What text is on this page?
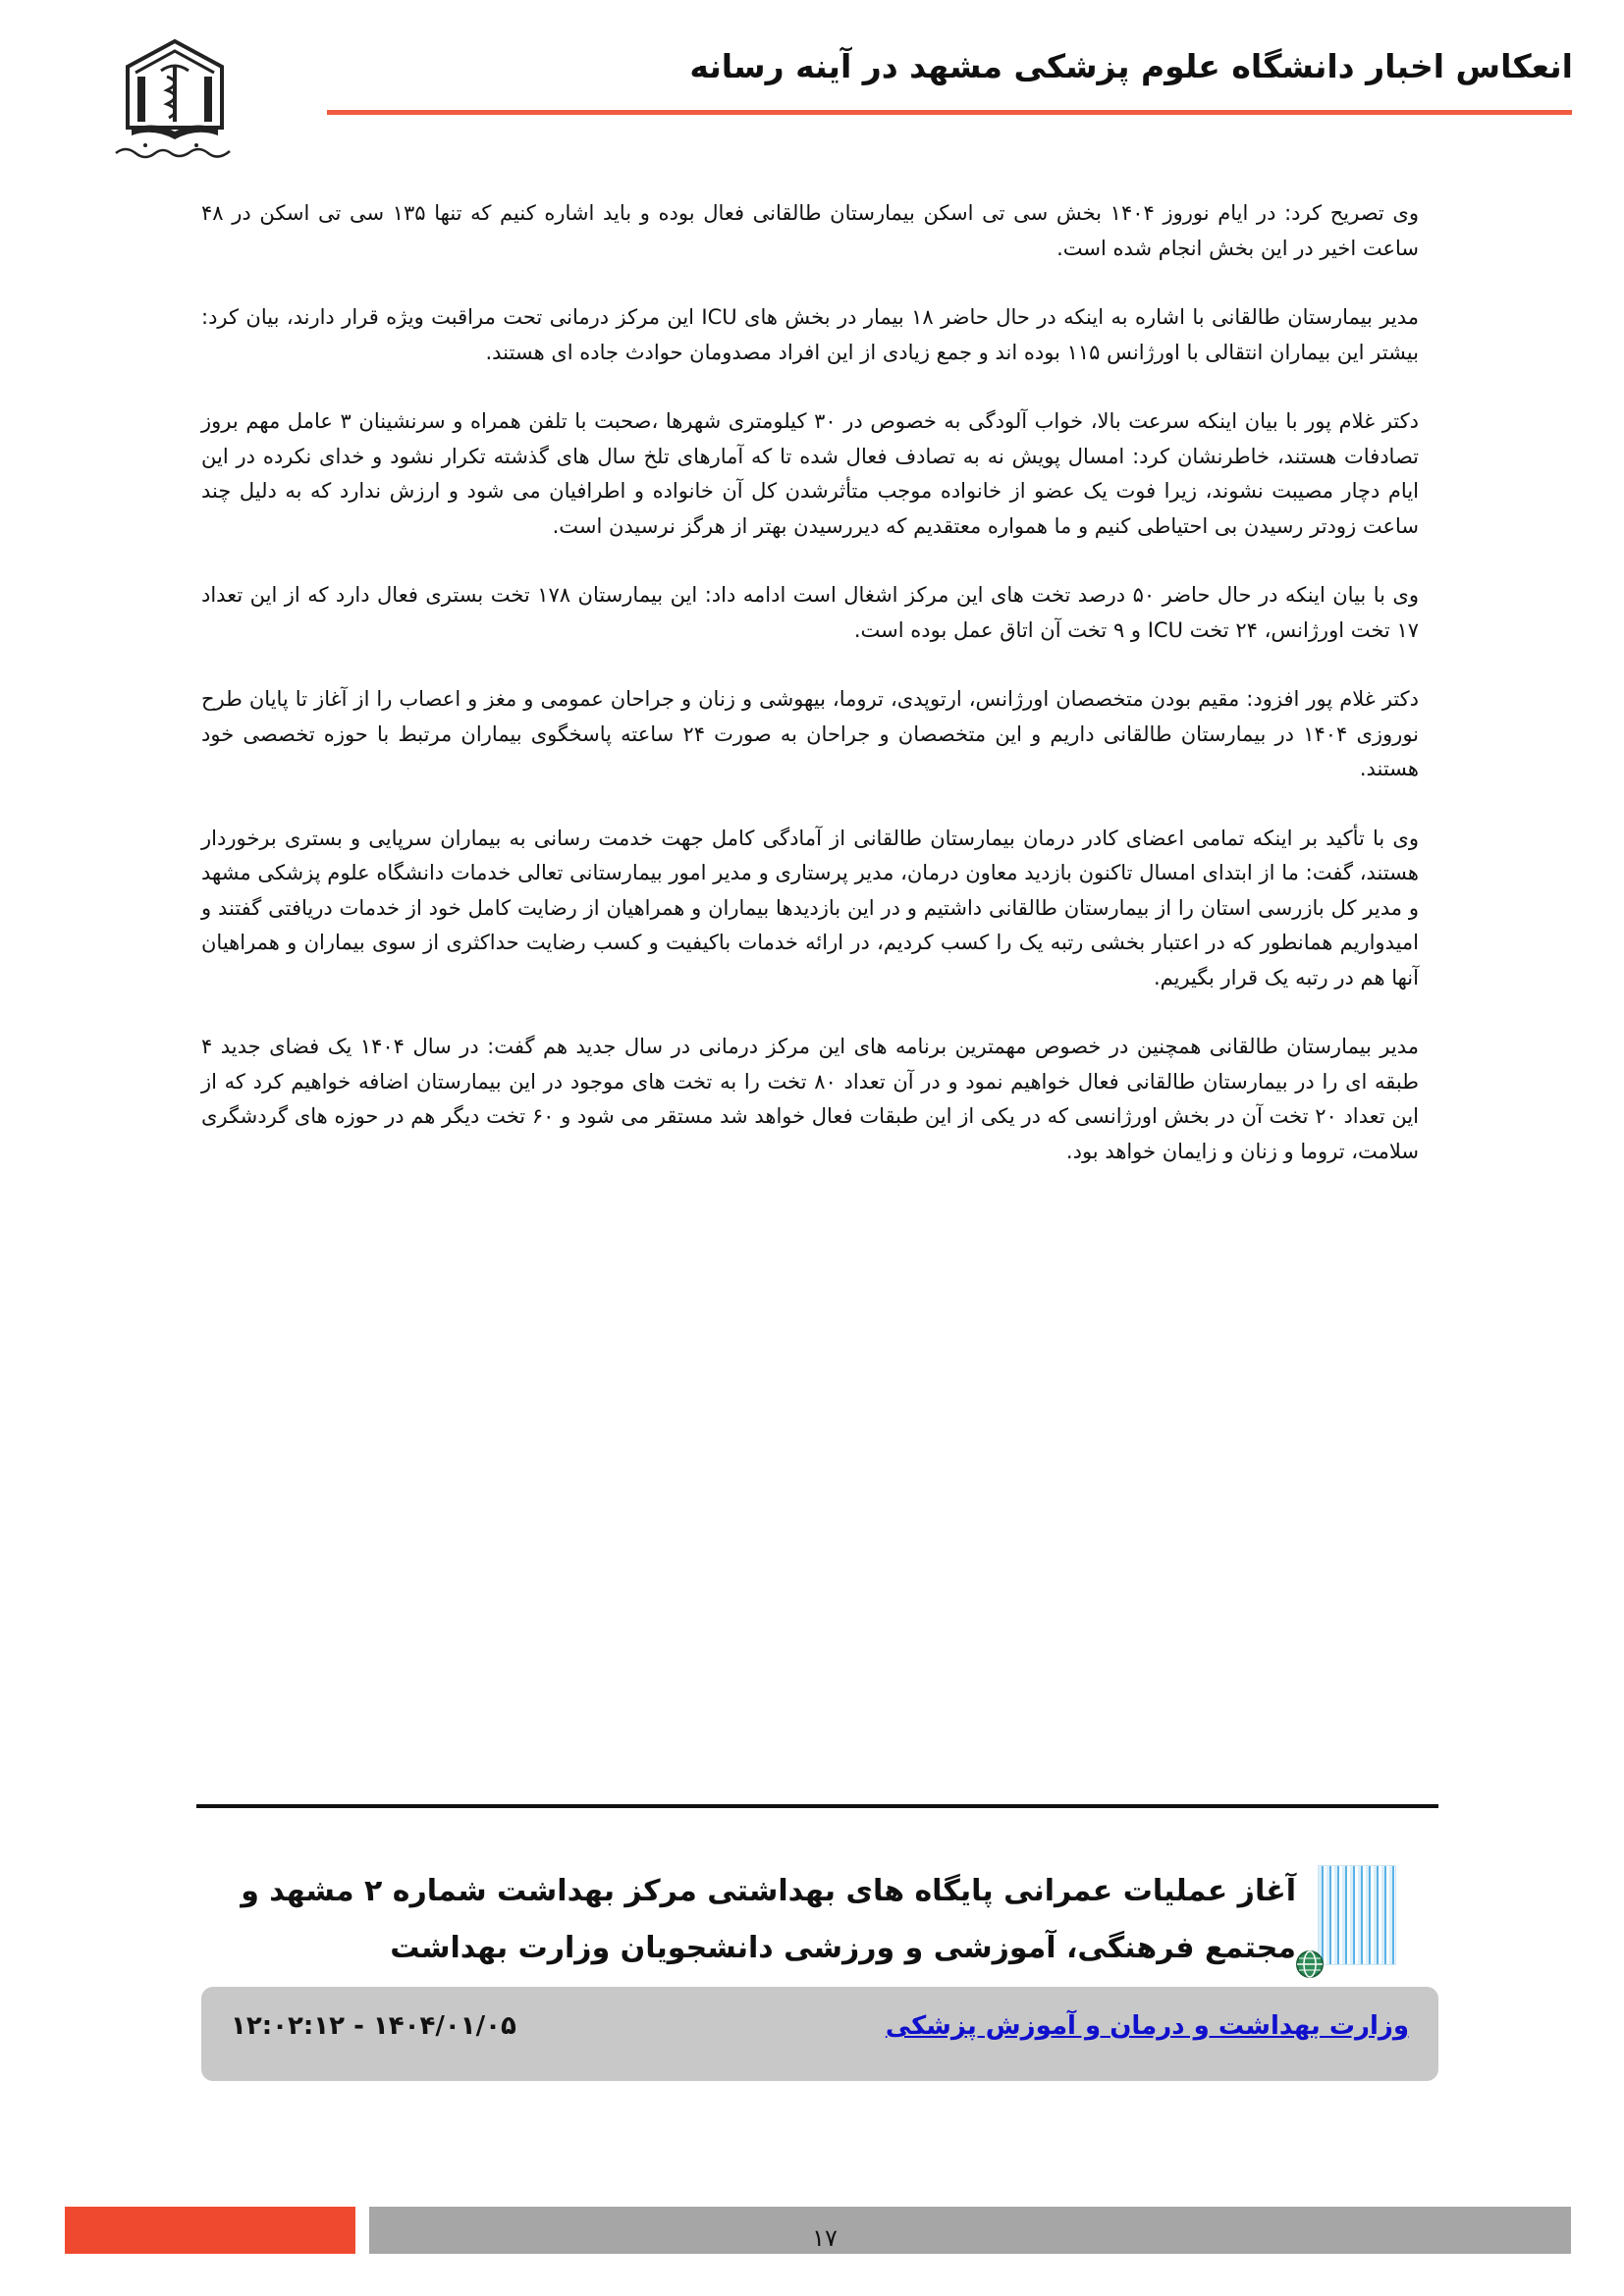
انعکاس اخبار دانشگاه علوم پزشکی مشهد در آینه رسانه

وی تصریح کرد: در ایام نوروز ۱۴۰۴ بخش سی تی اسکن بیمارستان طالقانی فعال بوده و باید اشاره کنیم که تنها ۱۳۵ سی تی اسکن در ۴۸ ساعت اخیر در این بخش انجام شده است.

مدیر بیمارستان طالقانی با اشاره به اینکه در حال حاضر ۱۸ بیمار در بخش های ICU این مرکز درمانی تحت مراقبت ویژه قرار دارند، بیان کرد: بیشتر این بیماران انتقالی با اورژانس ۱۱۵ بوده اند و جمع زیادی از این افراد مصدومان حوادث جاده ای هستند.

دکتر غلام پور با بیان اینکه سرعت بالا، خواب آلودگی به خصوص در ۳۰ کیلومتری شهرها ،صحبت با تلفن همراه و سرنشینان ۳ عامل مهم بروز تصادفات هستند، خاطرنشان کرد: امسال پویش نه به تصادف فعال شده تا که آمارهای تلخ سال های گذشته تکرار نشود و خدای نکرده در این ایام دچار مصیبت نشوند، زیرا فوت یک عضو از خانواده موجب متأثرشدن کل آن خانواده و اطرافیان می شود و ارزش ندارد که به دلیل چند ساعت زودتر رسیدن بی احتیاطی کنیم و ما همواره معتقدیم که دیررسیدن بهتر از هرگز نرسیدن است.

وی با بیان اینکه در حال حاضر ۵۰ درصد تخت های این مرکز اشغال است ادامه داد: این بیمارستان ۱۷۸ تخت بستری فعال دارد که از این تعداد ۱۷ تخت اورژانس، ۲۴ تخت ICU و ۹ تخت آن اتاق عمل بوده است.

دکتر غلام پور افزود: مقیم بودن متخصصان اورژانس، ارتوپدی، تروما، بیهوشی و زنان و جراحان عمومی و مغز و اعصاب را از آغاز تا پایان طرح نوروزی ۱۴۰۴ در بیمارستان طالقانی داریم و این متخصصان و جراحان به صورت ۲۴ ساعته پاسخگوی بیماران مرتبط با حوزه تخصصی خود هستند.

وی با تأکید بر اینکه تمامی اعضای کادر درمان بیمارستان طالقانی از آمادگی کامل جهت خدمت رسانی به بیماران سرپایی و بستری برخوردار هستند، گفت: ما از ابتدای امسال تاکنون بازدید معاون درمان، مدیر پرستاری و مدیر امور بیمارستانی تعالی خدمات دانشگاه علوم پزشکی مشهد و مدیر کل بازرسی استان را از بیمارستان طالقانی داشتیم و در این بازدیدها بیماران و همراهیان از رضایت کامل خود از خدمات دریافتی گفتند و امیدواریم همانطور که در اعتبار بخشی رتبه یک را کسب کردیم، در ارائه خدمات باکیفیت و کسب رضایت حداکثری از سوی بیماران و همراهیان آنها هم در رتبه یک قرار بگیریم.

مدیر بیمارستان طالقانی همچنین در خصوص مهمترین برنامه های این مرکز درمانی در سال جدید هم گفت: در سال ۱۴۰۴ یک فضای جدید ۴ طبقه ای را در بیمارستان طالقانی فعال خواهیم نمود و در آن تعداد ۸۰ تخت را به تخت های موجود در این بیمارستان اضافه خواهیم کرد که از این تعداد ۲۰ تخت آن در بخش اورژانسی که در یکی از این طبقات فعال خواهد شد مستقر می شود و ۶۰ تخت دیگر هم در حوزه های گردشگری سلامت، تروما و زنان و زایمان خواهد بود.

آغاز عملیات عمرانی پایگاه های بهداشتی مرکز بهداشت شماره ۲ مشهد و مجتمع فرهنگی، آموزشی و ورزشی دانشجویان وزارت بهداشت
وزارت بهداشت و درمان و آموزش پزشکی
۱۴۰۴/۰۱/۰۵ - ۱۲:۰۲:۱۲
۱۷
